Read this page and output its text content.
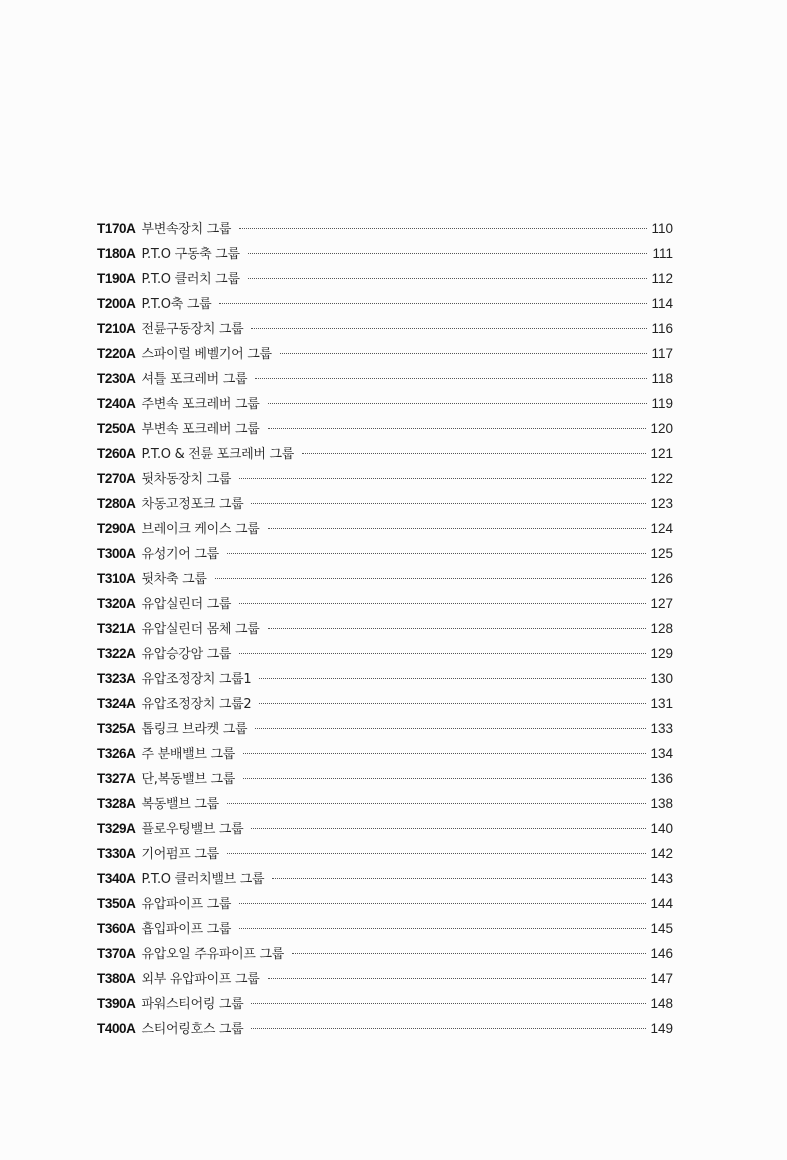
T170A 부변속장치 그룹	110
T180A P.T.O 구동축 그룹	111
T190A P.T.O 클러치 그룹	112
T200A P.T.O축 그룹	114
T210A 전륜구동장치 그룹	116
T220A 스파이럴 베벨기어 그룹	117
T230A 셔틀 포크레버 그룹	118
T240A 주변속 포크레버 그룹	119
T250A 부변속 포크레버 그룹	120
T260A P.T.O & 전륜 포크레버 그룹	121
T270A 뒷차동장치 그룹	122
T280A 차동고정포크 그룹	123
T290A 브레이크 케이스 그룹	124
T300A 유성기어 그룹	125
T310A 뒷차축 그룹	126
T320A 유압실린더 그룹	127
T321A 유압실린더 몸체 그룹	128
T322A 유압승강암 그룹	129
T323A 유압조정장치 그룹1	130
T324A 유압조정장치 그룹2	131
T325A 톱링크 브라켓 그룹	133
T326A 주 분배밸브 그룹	134
T327A 단,복동밸브 그룹	136
T328A 복동밸브 그룹	138
T329A 플로우팅밸브 그룹	140
T330A 기어펌프 그룹	142
T340A P.T.O 클러치밸브 그룹	143
T350A 유압파이프 그룹	144
T360A 흡입파이프 그룹	145
T370A 유압오일 주유파이프 그룹	146
T380A 외부 유압파이프 그룹	147
T390A 파워스티어링 그룹	148
T400A 스티어링호스 그룹	149
